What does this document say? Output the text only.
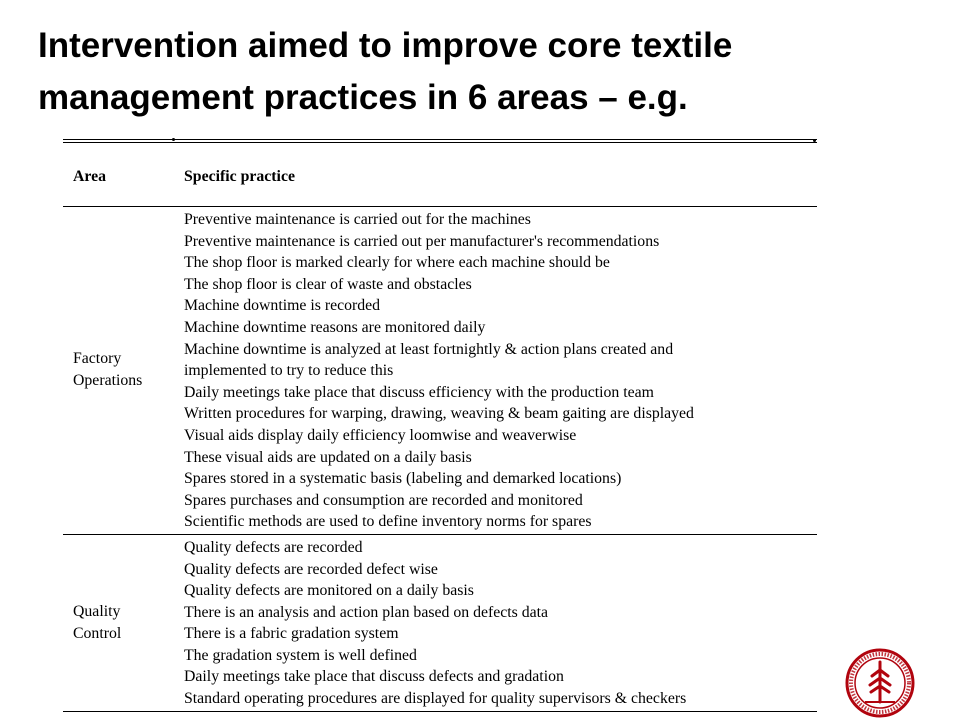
Intervention aimed to improve core textile
management practices in 6 areas – e.g.
Area	Specific practice
Factory
Operations
Preventive maintenance is carried out for the machines
Preventive maintenance is carried out per manufacturer's recommendations
The shop floor is marked clearly for where each machine should be
The shop floor is clear of waste and obstacles
Machine downtime is recorded
Machine downtime reasons are monitored daily
Machine downtime is analyzed at least fortnightly & action plans created and
implemented to try to reduce this
Daily meetings take place that discuss efficiency with the production team
Written procedures for warping, drawing, weaving & beam gaiting are displayed
Visual aids display daily efficiency loomwise and weaverwise
These visual aids are updated on a daily basis
Spares stored in a systematic basis (labeling and demarked locations)
Spares purchases and consumption are recorded and monitored
Scientific methods are used to define inventory norms for spares
Quality
Control
Quality defects are recorded
Quality defects are recorded defect wise
Quality defects are monitored on a daily basis
There is an analysis and action plan based on defects data
There is a fabric gradation system
The gradation system is well defined
Daily meetings take place that discuss defects and gradation
Standard operating procedures are displayed for quality supervisors & checkers
